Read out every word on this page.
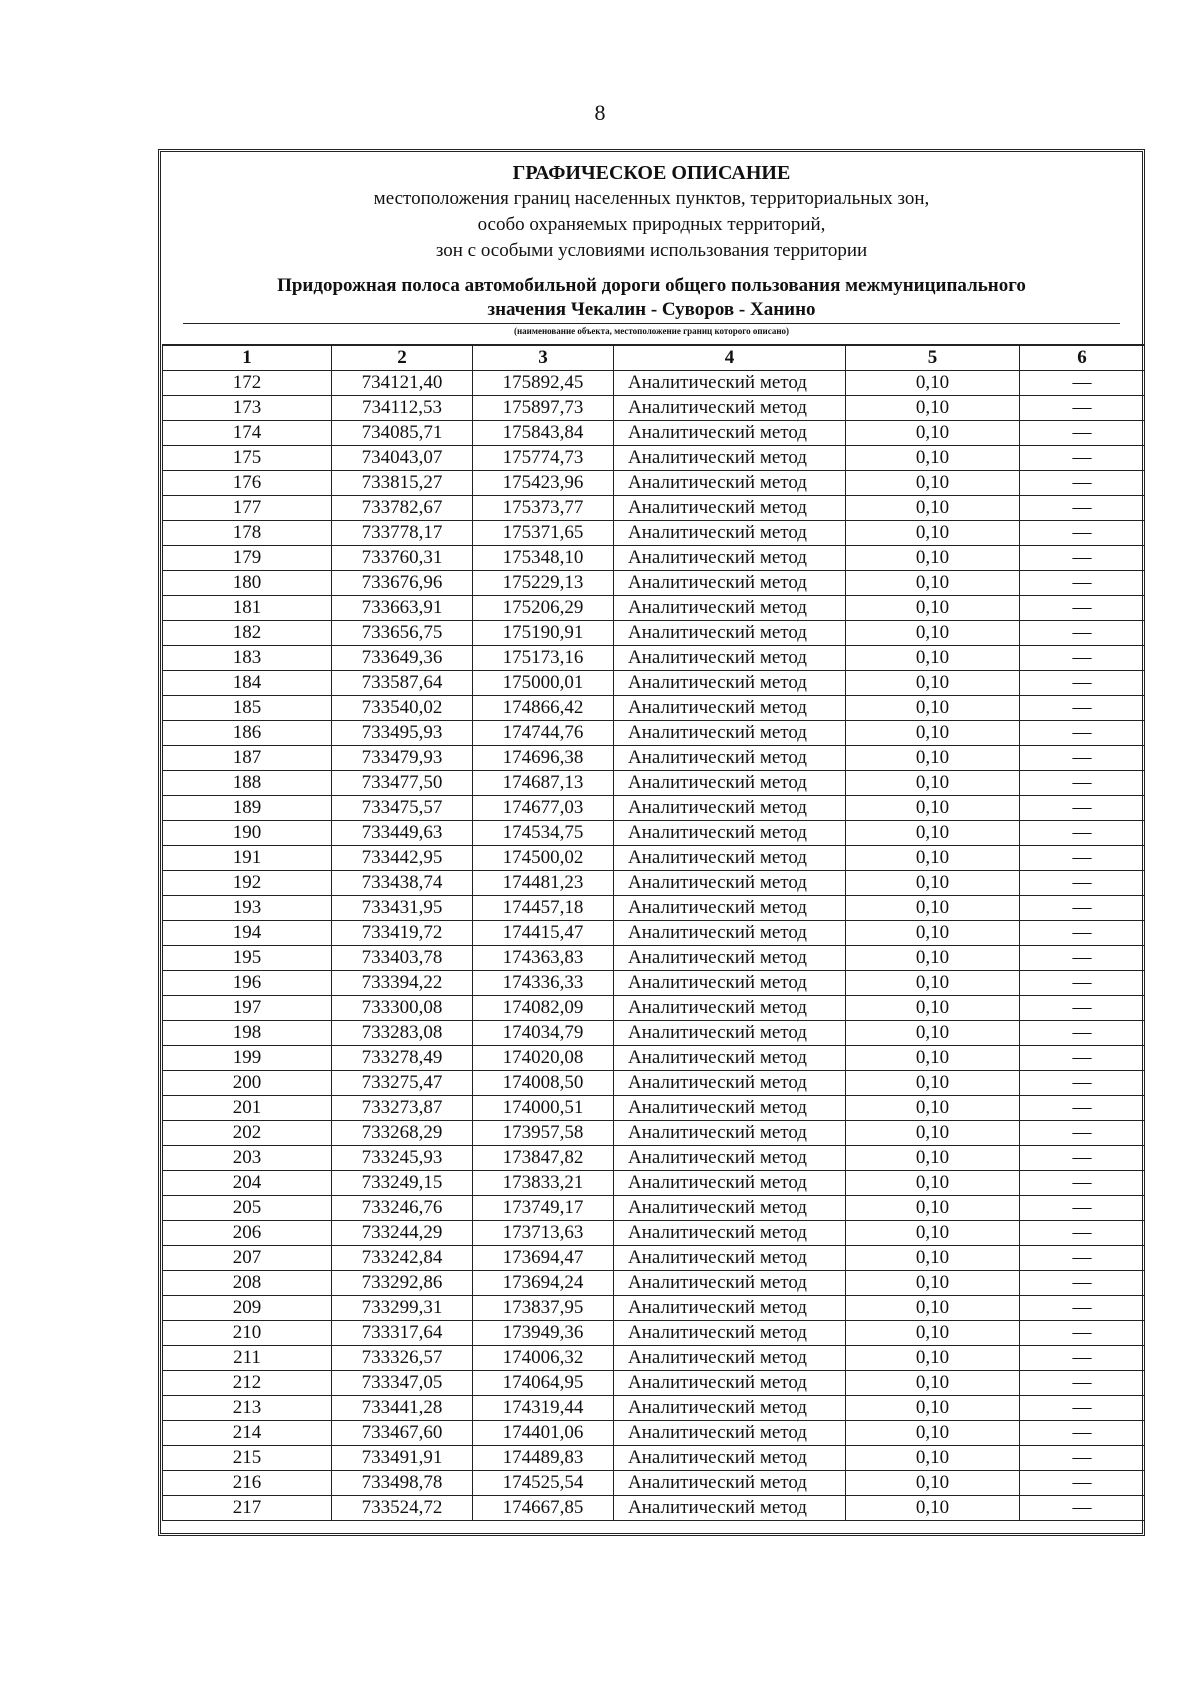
8
ГРАФИЧЕСКОЕ ОПИСАНИЕ
местоположения границ населенных пунктов, территориальных зон,
особо охраняемых природных территорий,
зон с особыми условиями использования территории
Придорожная полоса автомобильной дороги общего пользования межмуниципального
значения Чекалин - Суворов - Ханино
(наименование объекта, местоположение границ которого описано)
1	2	3	4	5	6
172	734121,40	175892,45	Аналитический метод	0,10	—
173	734112,53	175897,73	Аналитический метод	0,10	—
174	734085,71	175843,84	Аналитический метод	0,10	—
175	734043,07	175774,73	Аналитический метод	0,10	—
176	733815,27	175423,96	Аналитический метод	0,10	—
177	733782,67	175373,77	Аналитический метод	0,10	—
178	733778,17	175371,65	Аналитический метод	0,10	—
179	733760,31	175348,10	Аналитический метод	0,10	—
180	733676,96	175229,13	Аналитический метод	0,10	—
181	733663,91	175206,29	Аналитический метод	0,10	—
182	733656,75	175190,91	Аналитический метод	0,10	—
183	733649,36	175173,16	Аналитический метод	0,10	—
184	733587,64	175000,01	Аналитический метод	0,10	—
185	733540,02	174866,42	Аналитический метод	0,10	—
186	733495,93	174744,76	Аналитический метод	0,10	—
187	733479,93	174696,38	Аналитический метод	0,10	—
188	733477,50	174687,13	Аналитический метод	0,10	—
189	733475,57	174677,03	Аналитический метод	0,10	—
190	733449,63	174534,75	Аналитический метод	0,10	—
191	733442,95	174500,02	Аналитический метод	0,10	—
192	733438,74	174481,23	Аналитический метод	0,10	—
193	733431,95	174457,18	Аналитический метод	0,10	—
194	733419,72	174415,47	Аналитический метод	0,10	—
195	733403,78	174363,83	Аналитический метод	0,10	—
196	733394,22	174336,33	Аналитический метод	0,10	—
197	733300,08	174082,09	Аналитический метод	0,10	—
198	733283,08	174034,79	Аналитический метод	0,10	—
199	733278,49	174020,08	Аналитический метод	0,10	—
200	733275,47	174008,50	Аналитический метод	0,10	—
201	733273,87	174000,51	Аналитический метод	0,10	—
202	733268,29	173957,58	Аналитический метод	0,10	—
203	733245,93	173847,82	Аналитический метод	0,10	—
204	733249,15	173833,21	Аналитический метод	0,10	—
205	733246,76	173749,17	Аналитический метод	0,10	—
206	733244,29	173713,63	Аналитический метод	0,10	—
207	733242,84	173694,47	Аналитический метод	0,10	—
208	733292,86	173694,24	Аналитический метод	0,10	—
209	733299,31	173837,95	Аналитический метод	0,10	—
210	733317,64	173949,36	Аналитический метод	0,10	—
211	733326,57	174006,32	Аналитический метод	0,10	—
212	733347,05	174064,95	Аналитический метод	0,10	—
213	733441,28	174319,44	Аналитический метод	0,10	—
214	733467,60	174401,06	Аналитический метод	0,10	—
215	733491,91	174489,83	Аналитический метод	0,10	—
216	733498,78	174525,54	Аналитический метод	0,10	—
217	733524,72	174667,85	Аналитический метод	0,10	—
